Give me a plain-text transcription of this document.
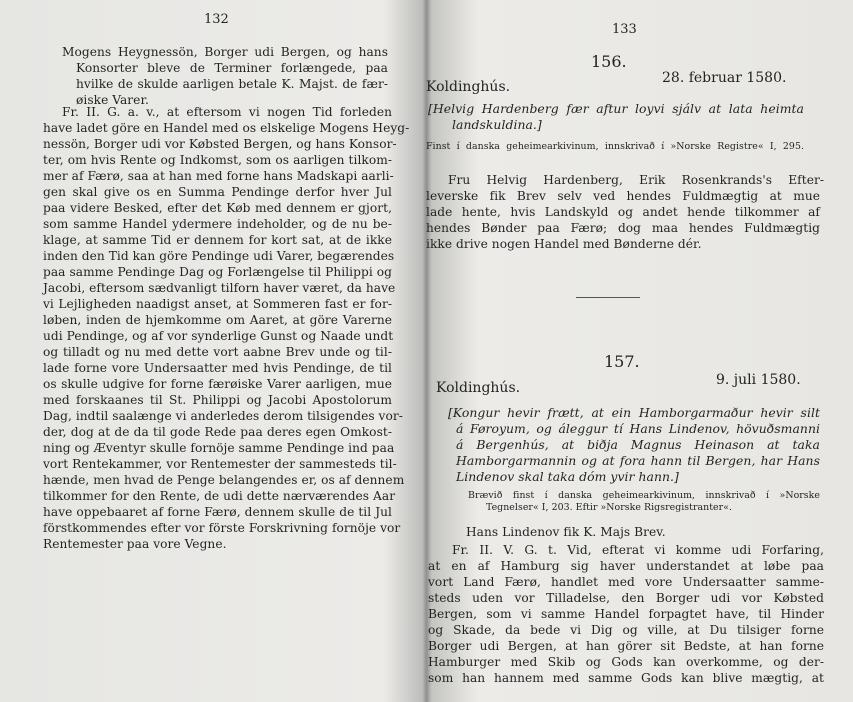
132
Mogens Heygnessön, Borger udi Bergen, og hans
Konsorter bleve de Terminer forlængede, paa
hvilke de skulde aarligen betale K. Majst. de fær-
øiske Varer.
Fr. II. G. a. v., at eftersom vi nogen Tid forleden
have ladet göre en Handel med os elskelige Mogens Heyg-
nessön, Borger udi vor Købsted Bergen, og hans Konsor-
ter, om hvis Rente og Indkomst, som os aarligen tilkom-
mer af Færø, saa at han med forne hans Madskapi aarli-
gen skal give os en Summa Pendinge derfor hver Jul
paa videre Besked, efter det Køb med dennem er gjort,
som samme Handel ydermere indeholder, og de nu be-
klage, at samme Tid er dennem for kort sat, at de ikke
inden den Tid kan göre Pendinge udi Varer, begærendes
paa samme Pendinge Dag og Forlængelse til Philippi og
Jacobi, eftersom sædvanligt tilforn haver været, da have
vi Lejligheden naadigst anset, at Sommeren fast er for-
løben, inden de hjemkomme om Aaret, at göre Varerne
udi Pendinge, og af vor synderlige Gunst og Naade undt
og tilladt og nu med dette vort aabne Brev unde og til-
lade forne vore Undersaatter med hvis Pendinge, de til
os skulle udgive for forne færøiske Varer aarligen, mue
med forskaanes til St. Philippi og Jacobi Apostolorum
Dag, indtil saalænge vi anderledes derom tilsigendes vor-
der, dog at de da til gode Rede paa deres egen Omkost-
ning og Æventyr skulle fornöje samme Pendinge ind paa
vort Rentekammer, vor Rentemester der sammesteds til-
hænde, men hvad de Penge belangendes er, os af dennem
tilkommer for den Rente, de udi dette nærværendes Aar
have oppebaaret af forne Færø, dennem skulle de til Jul
förstkommendes efter vor förste Forskrivning fornöje vor
Rentemester paa vore Vegne.
133
156.
Koldinghús.
28. februar 1580.
[Helvig Hardenberg fær aftur loyvi sjálv at lata heimta
landskuldina.]
Finst í danska geheimearkivinum, innskrivað í »Norske Registre« I, 295.
Fru Helvig Hardenberg, Erik Rosenkrands's Efter-
leverske fik Brev selv ved hendes Fuldmægtig at mue
lade hente, hvis Landskyld og andet hende tilkommer af
hendes Bønder paa Færø; dog maa hendes Fuldmægtig
ikke drive nogen Handel med Bønderne dér.
157.
Koldinghús.	9. juli 1580.
[Kongur hevir frætt, at ein Hamborgarmaður hevir silt
á Føroyum, og áleggur tí Hans Lindenov, hövuðsmanni
á Bergenhús, at biðja Magnus Heinason at taka
Hamborgarmannin og at fora hann til Bergen, har Hans
Lindenov skal taka dóm yvir hann.]
Brævið finst í danska geheimearkivinum, innskrivað í »Norske
Tegnelser« I, 203. Eftir »Norske Rigsregistranter«.
Hans Lindenov fik K. Majs Brev.
Fr. II. V. G. t. Vid, efterat vi komme udi Forfaring,
at en af Hamburg sig haver understandet at løbe paa
vort Land Færø, handlet med vore Undersaatter samme-
steds uden vor Tilladelse, den Borger udi vor Købsted
Bergen, som vi samme Handel forpagtet have, til Hinder
og Skade, da bede vi Dig og ville, at Du tilsiger forne
Borger udi Bergen, at han görer sit Bedste, at han forne
Hamburger med Skib og Gods kan overkomme, og der-
som han hannem med samme Gods kan blive mægtig, at
